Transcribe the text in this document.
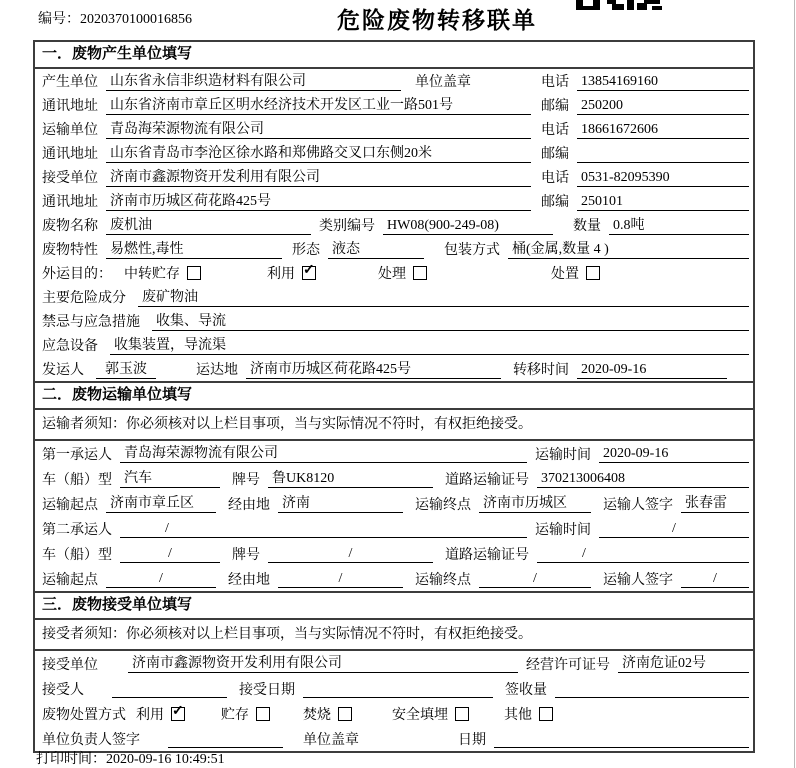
编号：2020370100016856	危险废物转移联单
一．废物产生单位填写
产生单位 山东省永信非织造材料有限公司	单位盖章	电话 13854169160
通讯地址 山东省济南市章丘区明水经济技术开发区工业一路501号	邮编 250200
运输单位 青岛海荣源物流有限公司	电话 18661672606
通讯地址 山东省青岛市李沧区徐水路和郑佛路交叉口东侧20米	邮编
接受单位 济南市鑫源物资开发利用有限公司	电话 0531-82095390
通讯地址 济南市历城区荷花路425号	邮编 250101
废物名称 废机油	类别编号 HW08(900-249-08)	数量 0.8吨
废物特性 易燃性,毒性	形态 液态	包装方式 桶(金属,数量 4 )
外运目的： 中转贮存	利用 ✓	处理	处置
主要危险成分 废矿物油
禁忌与应急措施 收集、导流
应急设备 收集装置，导流渠
发运人	郭玉波	运达地 济南市历城区荷花路425号	转移时间 2020-09-16
二．废物运输单位填写
运输者须知：你必须核对以上栏目事项，当与实际情况不符时，有权拒绝接受。
第一承运人 青岛海荣源物流有限公司	运输时间 2020-09-16
车（船）型 汽车	牌号 鲁UK8120	道路运输证号 370213006408
运输起点 济南市章丘区	经由地 济南	运输终点 济南市历城区	运输人签字 张春雷
第二承运人	/	运输时间	/
车（船）型	/	牌号	/	道路运输证号	/
运输起点	/	经由地	/	运输终点	/	运输人签字	/
三．废物接受单位填写
接受者须知：你必须核对以上栏目事项，当与实际情况不符时，有权拒绝接受。
接受单位 济南市鑫源物资开发利用有限公司	经营许可证号 济南危证02号
接受人	接受日期	签收量
废物处置方式 利用 ✓	贮存	焚烧	安全填埋	其他
单位负责人签字	单位盖章	日期
打印时间：2020-09-16 10:49:51
